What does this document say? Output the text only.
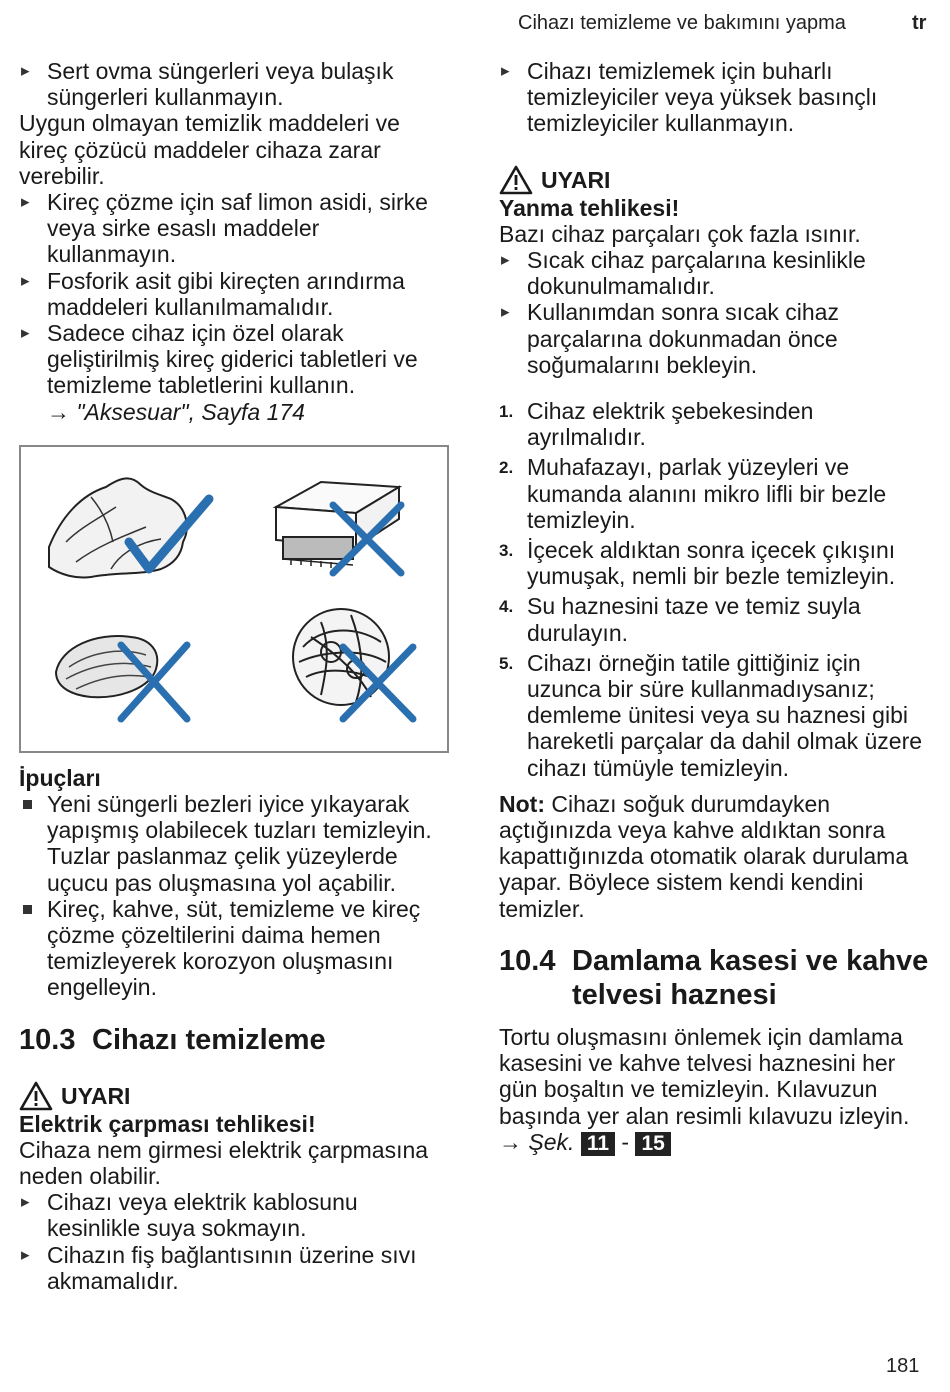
Cihazı temizleme ve bakımını yapma	tr
▸ Sert ovma süngerleri veya bulaşık süngerleri kullanmayın.

Uygun olmayan temizlik maddeleri ve kireç çözücü maddeler cihaza zarar verebilir.

▸ Kireç çözme için saf limon asidi, sirke veya sirke esaslı maddeler kullanmayın.
▸ Fosforik asit gibi kireçten arındırma maddeleri kullanılmamalıdır.
▸ Sadece cihaz için özel olarak geliştirilmiş kireç giderici tabletleri ve temizleme tabletlerini kullanın.

→ "Aksesuar", Sayfa 174

İpuçları

Yeni süngerli bezleri iyice yıkayarak yapışmış olabilecek tuzları temizleyin. Tuzlar paslanmaz çelik yüzeylerde uçucu pas oluşmasına yol açabilir.
Kireç, kahve, süt, temizleme ve kireç çözme çözeltilerini daima hemen temizleyerek korozyon oluşmasını engelleyin.
10.3 Cihazı temizleme
UYARI

Elektrik çarpması tehlikesi!

Cihaza nem girmesi elektrik çarpmasına neden olabilir.

▸ Cihazı veya elektrik kablosunu kesinlikle suya sokmayın.
▸ Cihazın fiş bağlantısının üzerine sıvı akmamalıdır.
▸ Cihazı temizlemek için buharlı temizleyiciler veya yüksek basınçlı temizleyiciler kullanmayın.
UYARI

Yanma tehlikesi!

Bazı cihaz parçaları çok fazla ısınır.

▸ Sıcak cihaz parçalarına kesinlikle dokunulmamalıdır.
▸ Kullanımdan sonra sıcak cihaz parçalarına dokunmadan önce soğumalarını bekleyin.
1. Cihaz elektrik şebekesinden ayrılmalıdır.
2. Muhafazayı, parlak yüzeyleri ve kumanda alanını mikro lifli bir bezle temizleyin.
3. İçecek aldıktan sonra içecek çıkışını yumuşak, nemli bir bezle temizleyin.
4. Su haznesini taze ve temiz suyla durulayın.
5. Cihazı örneğin tatile gittiğiniz için uzunca bir süre kullanmadıysanız; demleme ünitesi veya su haznesi gibi hareketli parçalar da dahil olmak üzere cihazı tümüyle temizleyin.

Not: Cihazı soğuk durumdayken açtığınızda veya kahve aldıktan sonra kapattığınızda otomatik olarak durulama yapar. Böylece sistem kendi kendini temizler.

10.4 Damlama kasesi ve kahve telvesi haznesi

Tortu oluşmasını önlemek için damlama kasesini ve kahve telvesi haznesini her gün boşaltın ve temizleyin. Kılavuzun başında yer alan resimli kılavuzu izleyin.

→ Şek. 11 - 15

181
